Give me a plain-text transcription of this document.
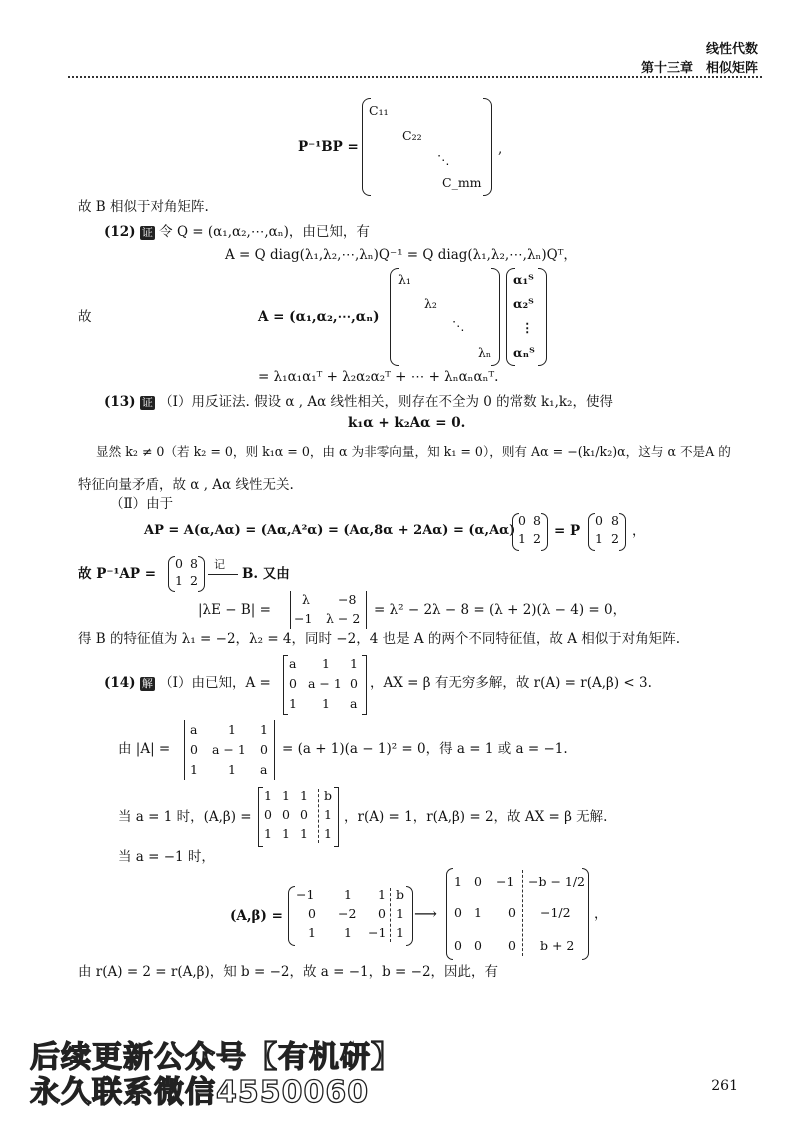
线性代数
第十三章　相似矩阵
P⁻¹BP =
C₁₁
C₂₂
⋱
C_mm
,
故 B 相似于对角矩阵.
(12) 证 令 Q = (α₁,α₂,⋯,αₙ)，由已知，有
A = Q diag(λ₁,λ₂,⋯,λₙ)Q⁻¹ = Q diag(λ₁,λ₂,⋯,λₙ)Qᵀ，
故	A = (α₁,α₂,⋯,αₙ)
λ₁
λ₂
⋱
λₙ
α₁ᵀ
α₂ᵀ
⋮
αₙᵀ
= λ₁α₁α₁ᵀ + λ₂α₂α₂ᵀ + ⋯ + λₙαₙαₙᵀ.
(13) 证 （Ⅰ）用反证法. 假设 α , Aα 线性相关，则存在不全为 0 的常数 k₁,k₂，使得
k₁α + k₂Aα = 0.
显然 k₂ ≠ 0（若 k₂ = 0，则 k₁α = 0，由 α 为非零向量，知 k₁ = 0），则有 Aα = −(k₁/k₂)α，这与 α 不是A 的
特征向量矛盾，故 α , Aα 线性无关.
（Ⅱ）由于
AP = A(α,Aα) = (Aα,A²α) = (Aα,8α + 2Aα) = (α,Aα)
0 8
1 2 = P
0 8
1 2 ，
故 P⁻¹AP =
0 8
1 2
记
B. 又由
|λE − B| =
λ −8
−1 λ − 2
= λ² − 2λ − 8 = (λ + 2)(λ − 4) = 0，
得 B 的特征值为 λ₁ = −2，λ₂ = 4，同时 −2，4 也是 A 的两个不同特征值，故 A 相似于对角矩阵.
(14) 解 （Ⅰ）由已知，A =
a 1 1
0 a − 1 0
1 1 a
，AX = β 有无穷多解，故 r(A) = r(A,β) < 3.
由 |A| =
a 1 1
0 a − 1 0
1 1 a
= (a + 1)(a − 1)² = 0，得 a = 1 或 a = −1.
当 a = 1 时，(A,β) =
1 1 1 b
0 0 0 1
1 1 1 1
，r(A) = 1，r(A,β) = 2，故 AX = β 无解.
当 a = −1 时，
(A,β) =
−1 1 1 b
0 −2 0 1
1 1 −1 1
⟶
1 0 −1 −b − 1/2
0 1 0 −1/2
0 0 0 b + 2
，
由 r(A) = 2 = r(A,β)，知 b = −2，故 a = −1，b = −2，因此，有
后续更新公众号【有机研】
永久联系微信4550060	261
